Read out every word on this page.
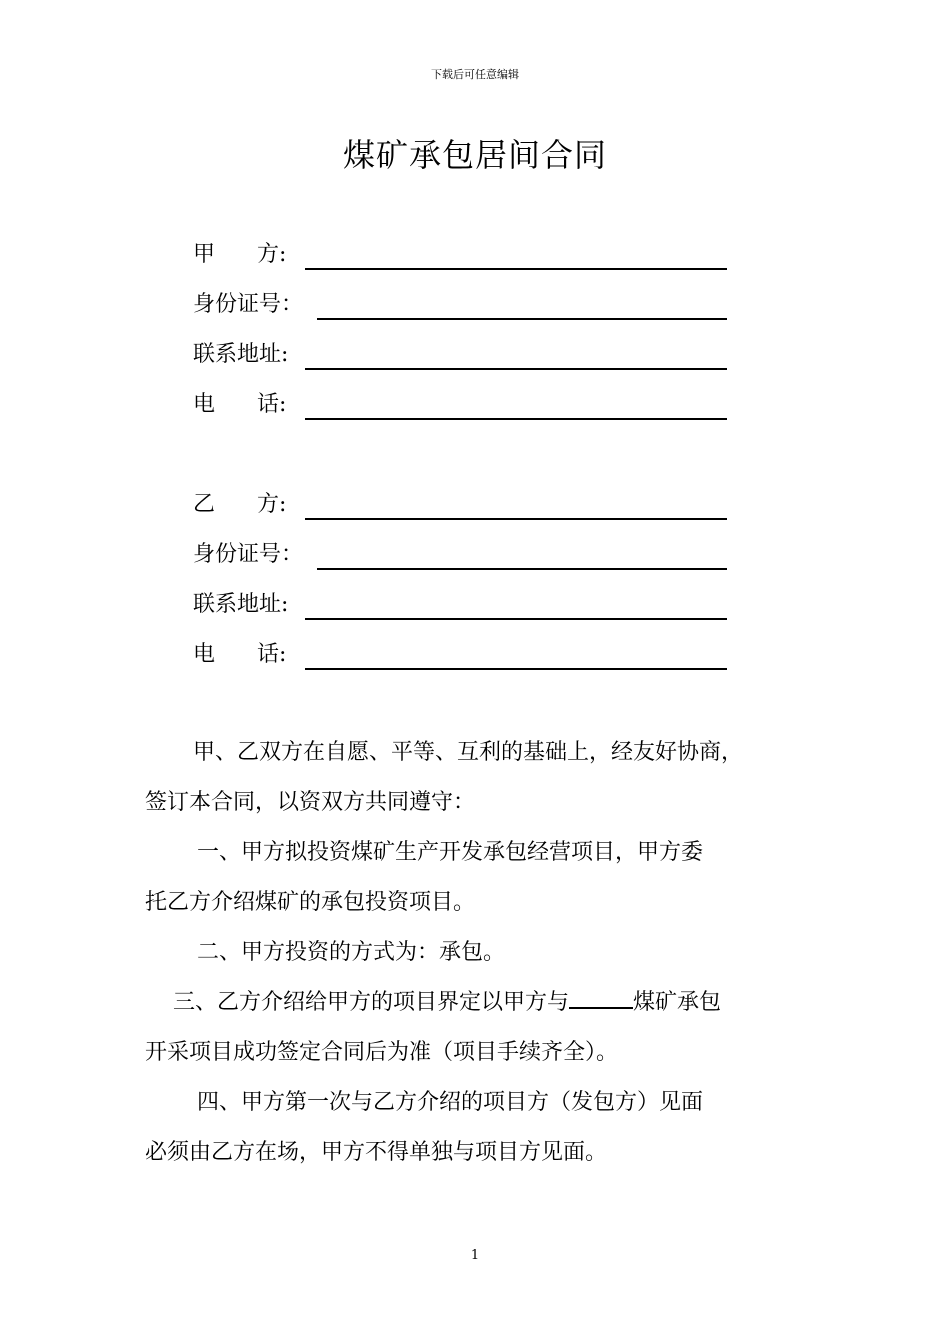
下载后可任意编辑
煤矿承包居间合同
甲      方:
身份证号：
联系地址:
电      话:
乙      方:
身份证号：
联系地址:
电      话:
甲、乙双方在自愿、平等、互利的基础上，经友好协商，
签订本合同，以资双方共同遵守：
一、甲方拟投资煤矿生产开发承包经营项目，甲方委
托乙方介绍煤矿的承包投资项目。
二、甲方投资的方式为：承包。
三、乙方介绍给甲方的项目界定以甲方与	煤矿承包
开采项目成功签定合同后为准（项目手续齐全）。
四、甲方第一次与乙方介绍的项目方（发包方）见面
必须由乙方在场，甲方不得单独与项目方见面。
1
